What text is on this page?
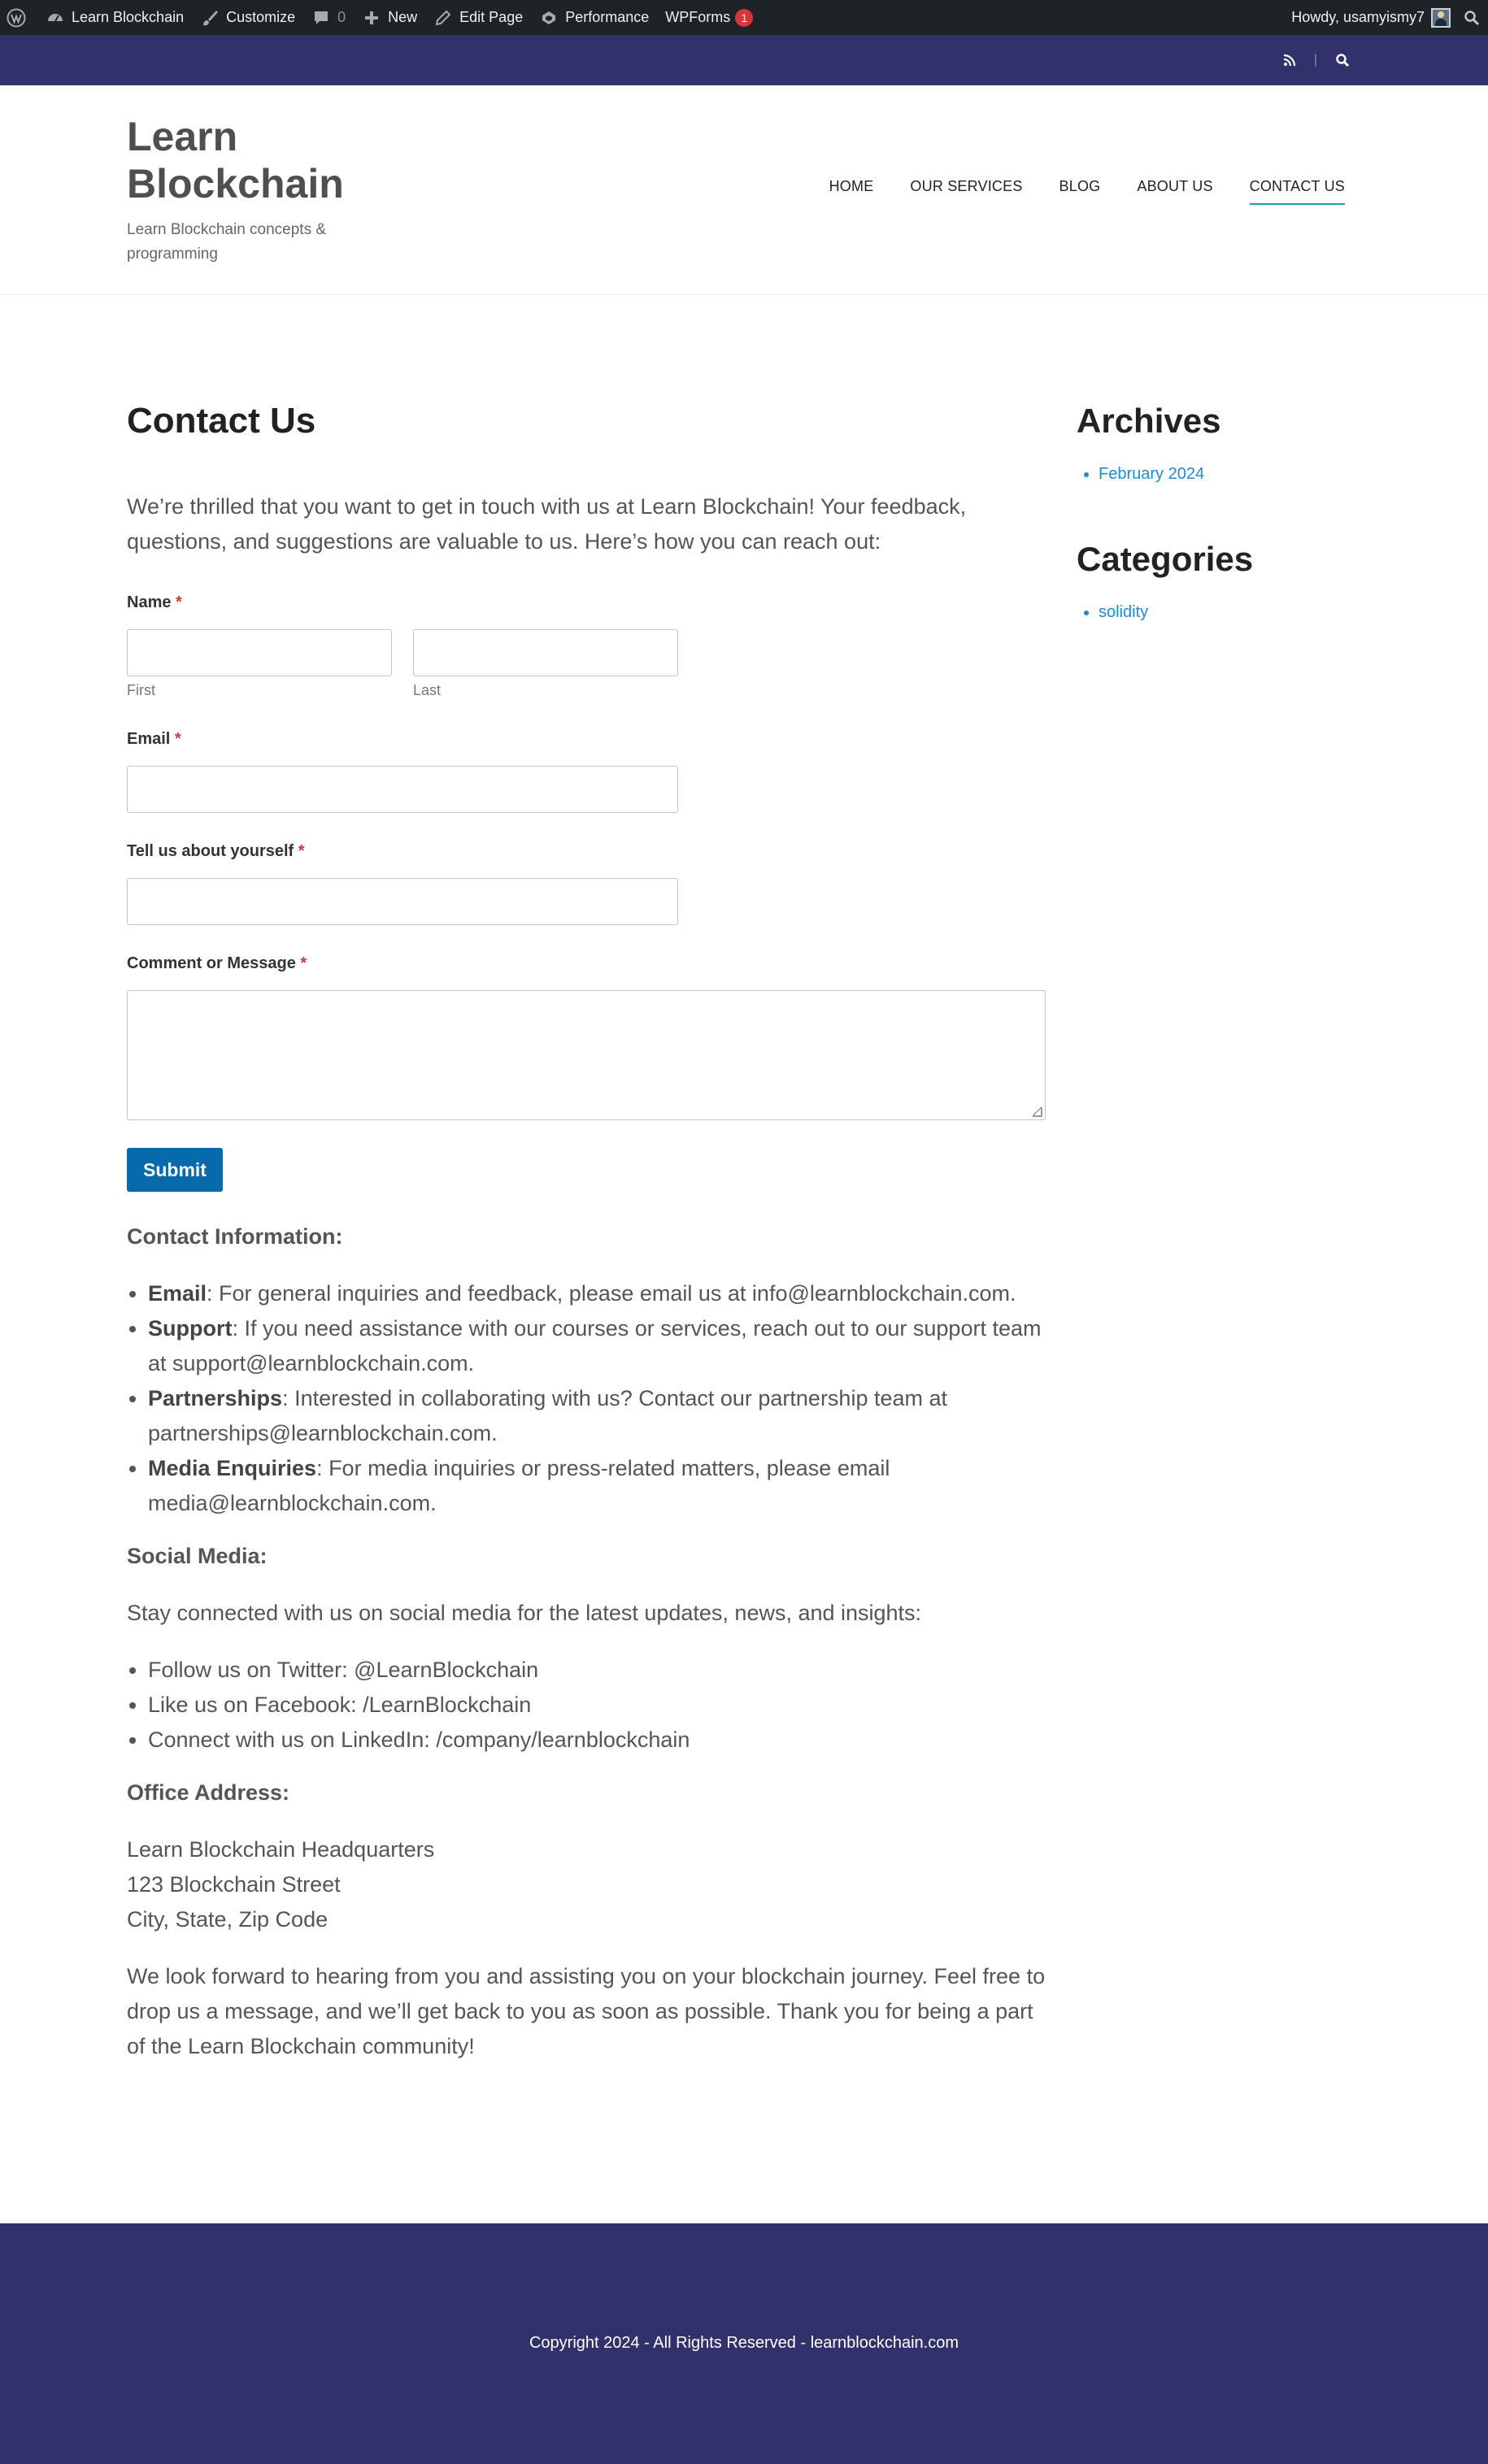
Learn Blockchain	Customize	0	New	Edit Page	Performance WPForms 1	Howdy, usamyismy7
|
Learn Blockchain
Learn Blockchain concepts & programming
HOME	OUR SERVICES	BLOG	ABOUT US	CONTACT US
Contact Us

We’re thrilled that you want to get in touch with us at Learn Blockchain! Your feedback, questions, and suggestions are valuable to us. Here’s how you can reach out:

Name *
First	Last
Email *
Tell us about yourself *
Comment or Message *
Submit
Contact Information:
• Email: For general inquiries and feedback, please email us at info@learnblockchain.com.
• Support: If you need assistance with our courses or services, reach out to our support team at support@learnblockchain.com.
• Partnerships: Interested in collaborating with us? Contact our partnership team at partnerships@learnblockchain.com.
• Media Enquiries: For media inquiries or press-related matters, please email media@learnblockchain.com.
Social Media:

Stay connected with us on social media for the latest updates, news, and insights:

• Follow us on Twitter: @LearnBlockchain
• Like us on Facebook: /LearnBlockchain
• Connect with us on LinkedIn: /company/learnblockchain
Office Address:

Learn Blockchain Headquarters
123 Blockchain Street
City, State, Zip Code

We look forward to hearing from you and assisting you on your blockchain journey. Feel free to drop us a message, and we’ll get back to you as soon as possible. Thank you for being a part of the Learn Blockchain community!

Archives
• February 2024
Categories
• solidity
Copyright 2024 - All Rights Reserved - learnblockchain.com
